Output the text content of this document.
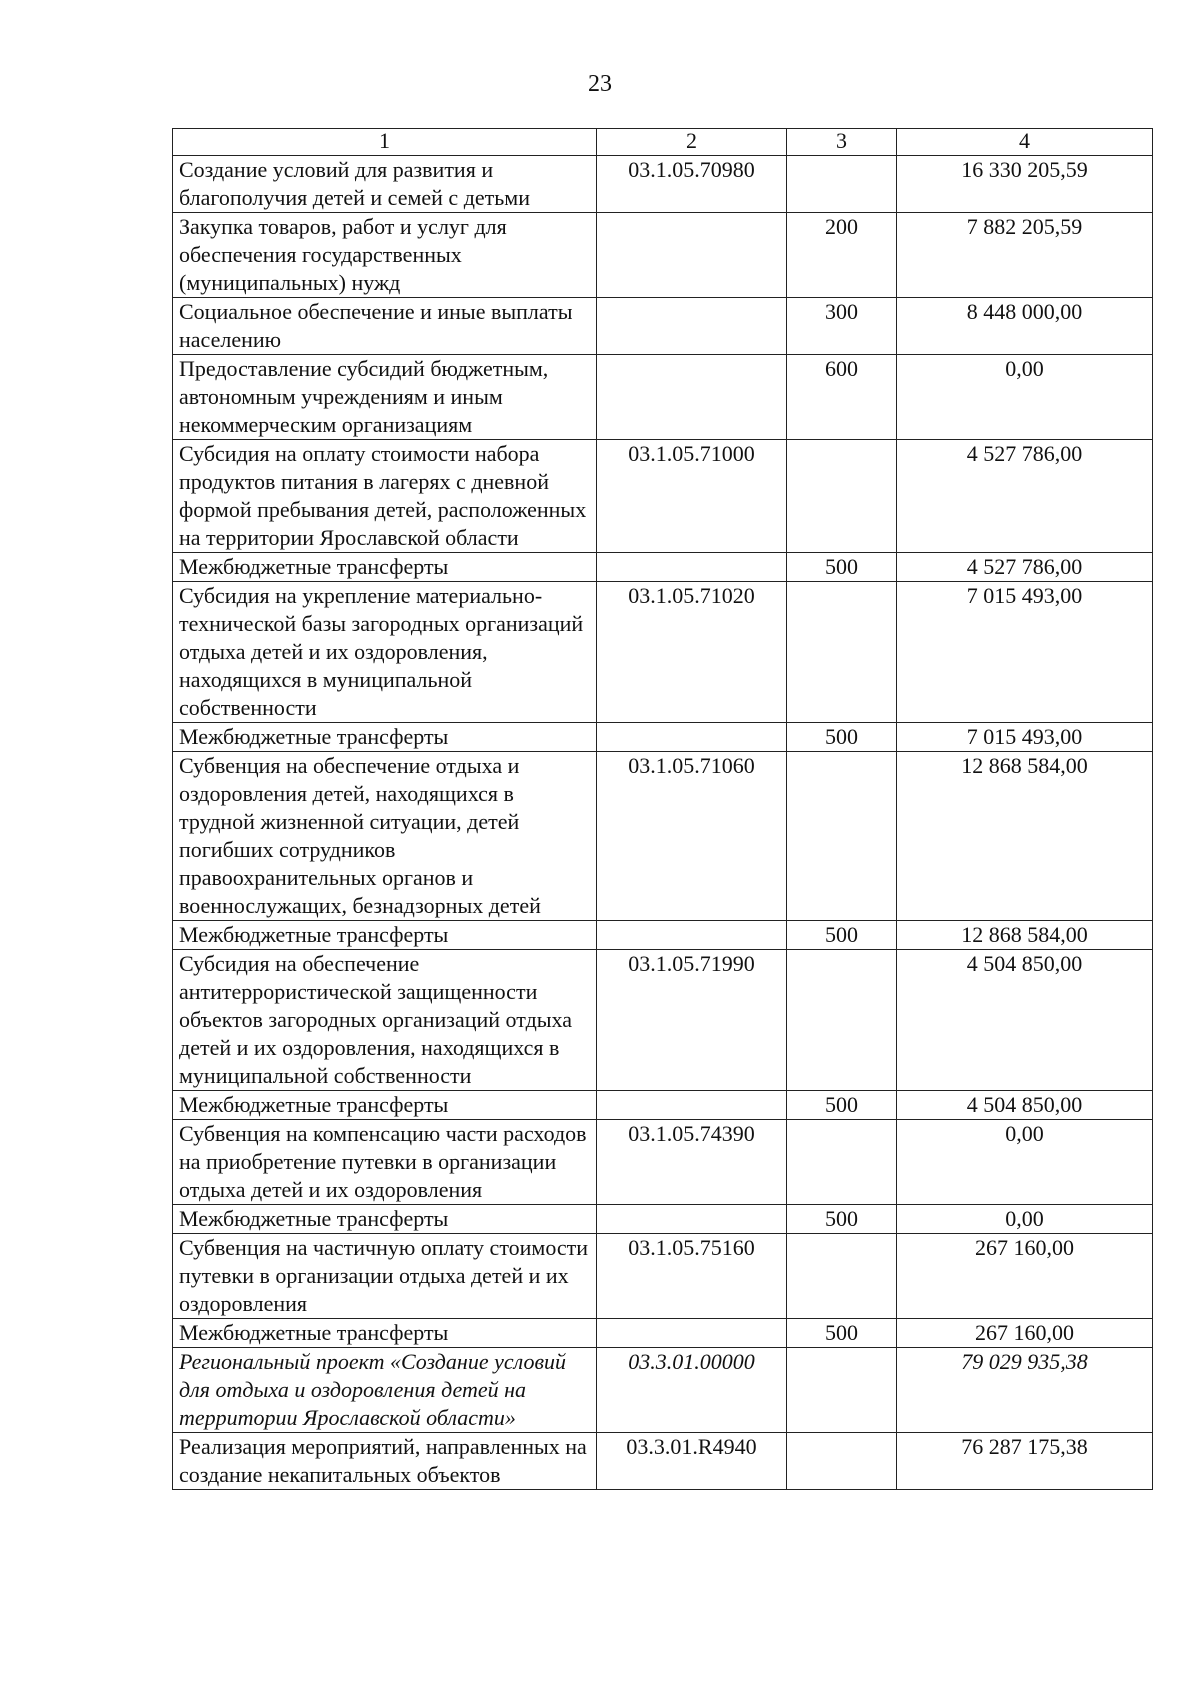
23
1	2	3	4
Создание условий для развития и благополучия детей и семей с детьми	03.1.05.70980		16 330 205,59
Закупка товаров, работ и услуг для обеспечения государственных (муниципальных) нужд		200	7 882 205,59
Социальное обеспечение и иные выплаты населению		300	8 448 000,00
Предоставление субсидий бюджетным, автономным учреждениям и иным некоммерческим организациям		600	0,00
Субсидия на оплату стоимости набора продуктов питания в лагерях с дневной формой пребывания детей, расположенных на территории Ярославской области	03.1.05.71000		4 527 786,00
Межбюджетные трансферты		500	4 527 786,00
Субсидия на укрепление материально-технической базы загородных организаций отдыха детей и их оздоровления, находящихся в муниципальной собственности	03.1.05.71020		7 015 493,00
Межбюджетные трансферты		500	7 015 493,00
Субвенция на обеспечение отдыха и оздоровления детей, находящихся в трудной жизненной ситуации, детей погибших сотрудников правоохранительных органов и военнослужащих, безнадзорных детей	03.1.05.71060		12 868 584,00
Межбюджетные трансферты		500	12 868 584,00
Субсидия на обеспечение антитеррористической защищенности объектов загородных организаций отдыха детей и их оздоровления, находящихся в муниципальной собственности	03.1.05.71990		4 504 850,00
Межбюджетные трансферты		500	4 504 850,00
Субвенция на компенсацию части расходов на приобретение путевки в организации отдыха детей и их оздоровления	03.1.05.74390		0,00
Межбюджетные трансферты		500	0,00
Субвенция на частичную оплату стоимости путевки в организации отдыха детей и их оздоровления	03.1.05.75160		267 160,00
Межбюджетные трансферты		500	267 160,00
Региональный проект «Создание условий для отдыха и оздоровления детей на территории Ярославской области»	03.3.01.00000		79 029 935,38
Реализация мероприятий, направленных на создание некапитальных объектов	03.3.01.R4940		76 287 175,38
